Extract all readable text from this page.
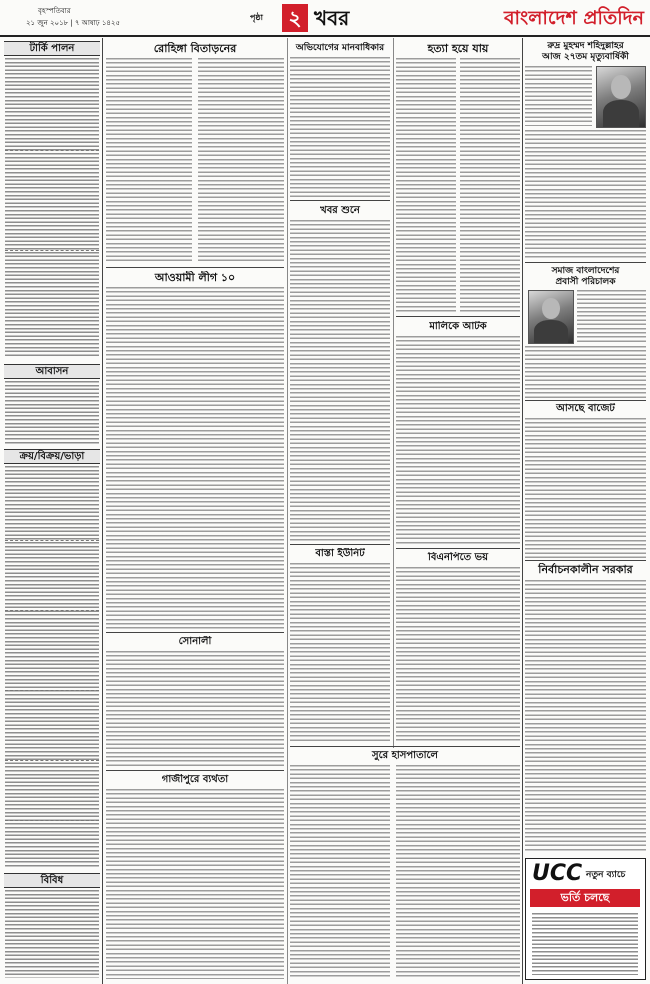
বৃহস্পতিবার
২১ জুন ২০১৮ | ৭ আষাঢ় ১৪২৫
পৃষ্ঠা	২ খবর	বাংলাদেশ প্রতিদিন
টার্কি পালন
আবাসন
ক্রয়/বিক্রয়/ভাড়া
বিবিধ
রোহিঙ্গা বিতাড়নের	অভিযোগের মানবাধিকার	হত্যা হয়ে যায়
খবর শুনে
আওয়ামী লীগ ১০
মালিকে আটক
বাস্তা ইউনিট	বিএনপিতে ভয়
সুরে হাসপাতালে
সোনালী
গাজীপুরে ব্যর্থতা
রুদ্র মুহম্মদ শহিদুল্লাহর
আজ ২৭তম মৃত্যুবার্ষিকী
সমাজ বাংলাদেশের
প্রবাসী পরিচালক
আসছে বাজেট
নির্বাচনকালীন সরকার
UCC নতুন ব্যাচে
ভর্তি চলছে
